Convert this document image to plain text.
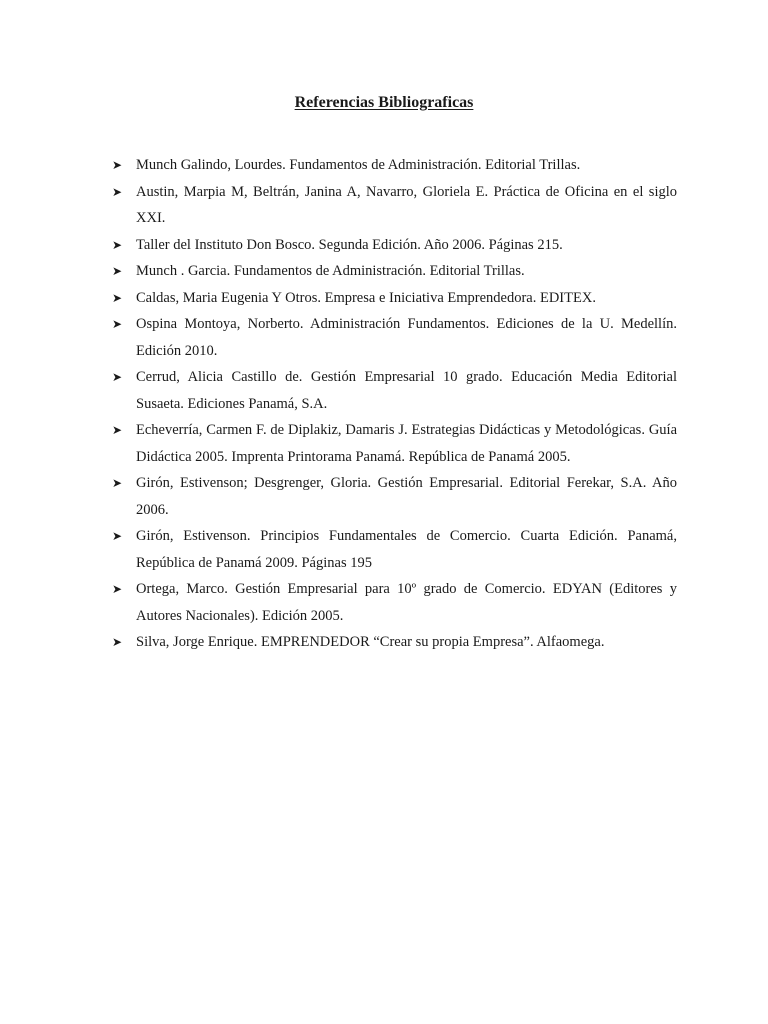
Referencias Bibliograficas
➤ Munch Galindo, Lourdes. Fundamentos de Administración. Editorial Trillas.
➤ Austin, Marpia M, Beltrán, Janina A, Navarro, Gloriela E. Práctica de Oficina en el siglo XXI.
➤ Taller del Instituto Don Bosco. Segunda Edición. Año 2006. Páginas 215.
➤ Munch . Garcia. Fundamentos de Administración. Editorial Trillas.
➤ Caldas, Maria Eugenia Y Otros. Empresa e Iniciativa Emprendedora. EDITEX.
➤ Ospina Montoya, Norberto. Administración Fundamentos. Ediciones de la U. Medellín. Edición 2010.
➤ Cerrud, Alicia Castillo de. Gestión Empresarial 10 grado. Educación Media Editorial Susaeta. Ediciones Panamá, S.A.
➤ Echeverría, Carmen F. de Diplakiz, Damaris J. Estrategias Didácticas y Metodológicas. Guía Didáctica 2005. Imprenta Printorama Panamá. República de Panamá 2005.
➤ Girón, Estivenson; Desgrenger, Gloria. Gestión Empresarial. Editorial Ferekar, S.A. Año 2006.
➤ Girón, Estivenson. Principios Fundamentales de Comercio. Cuarta Edición. Panamá, República de Panamá 2009. Páginas 195
➤ Ortega, Marco. Gestión Empresarial para 10º grado de Comercio. EDYAN (Editores y Autores Nacionales). Edición 2005.
➤ Silva, Jorge Enrique. EMPRENDEDOR “Crear su propia Empresa”. Alfaomega.
